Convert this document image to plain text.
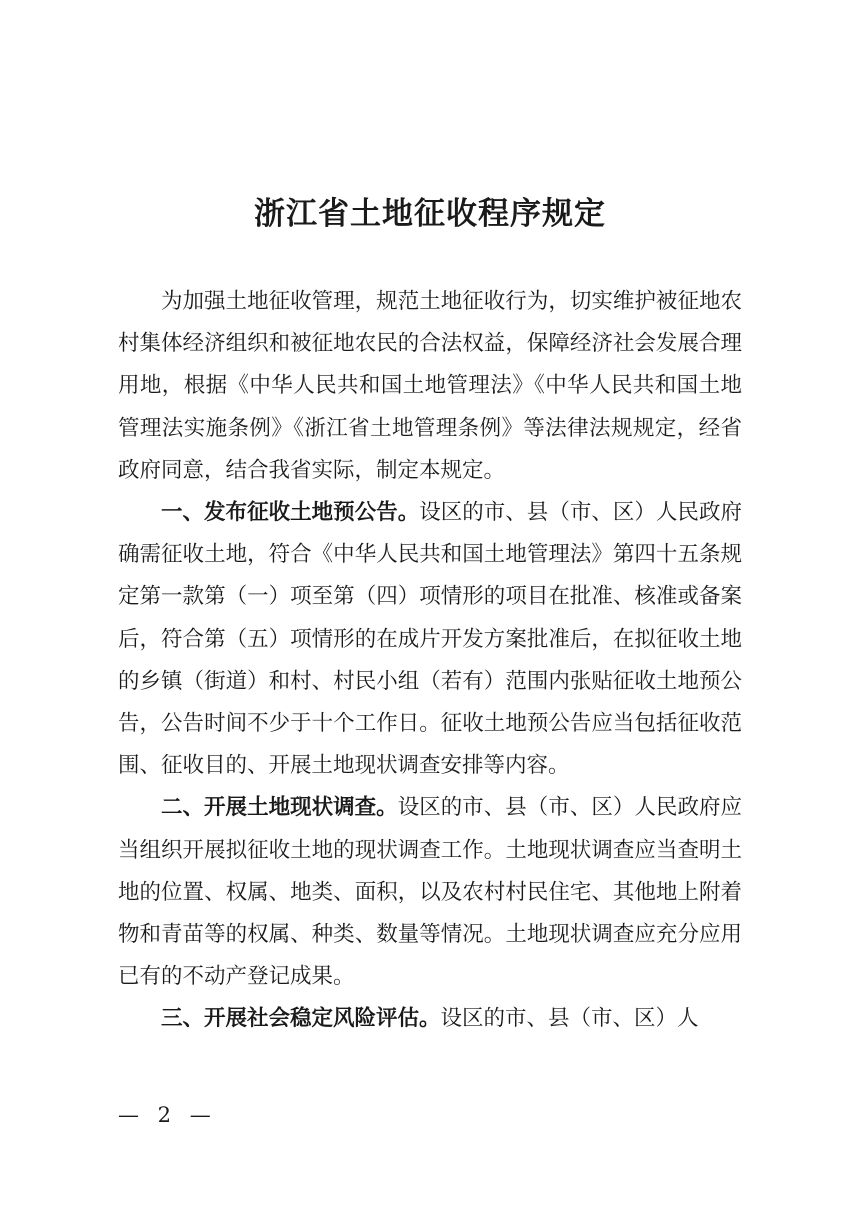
浙江省土地征收程序规定

为加强土地征收管理，规范土地征收行为，切实维护被征地农村集体经济组织和被征地农民的合法权益，保障经济社会发展合理用地，根据《中华人民共和国土地管理法》《中华人民共和国土地管理法实施条例》《浙江省土地管理条例》等法律法规规定，经省政府同意，结合我省实际，制定本规定。

一、发布征收土地预公告。设区的市、县（市、区）人民政府确需征收土地，符合《中华人民共和国土地管理法》第四十五条规定第一款第（一）项至第（四）项情形的项目在批准、核准或备案后，符合第（五）项情形的在成片开发方案批准后，在拟征收土地的乡镇（街道）和村、村民小组（若有）范围内张贴征收土地预公告，公告时间不少于十个工作日。征收土地预公告应当包括征收范围、征收目的、开展土地现状调查安排等内容。

二、开展土地现状调查。设区的市、县（市、区）人民政府应当组织开展拟征收土地的现状调查工作。土地现状调查应当查明土地的位置、权属、地类、面积，以及农村村民住宅、其他地上附着物和青苗等的权属、种类、数量等情况。土地现状调查应充分应用已有的不动产登记成果。

三、开展社会稳定风险评估。设区的市、县（市、区）人

— 2 —
